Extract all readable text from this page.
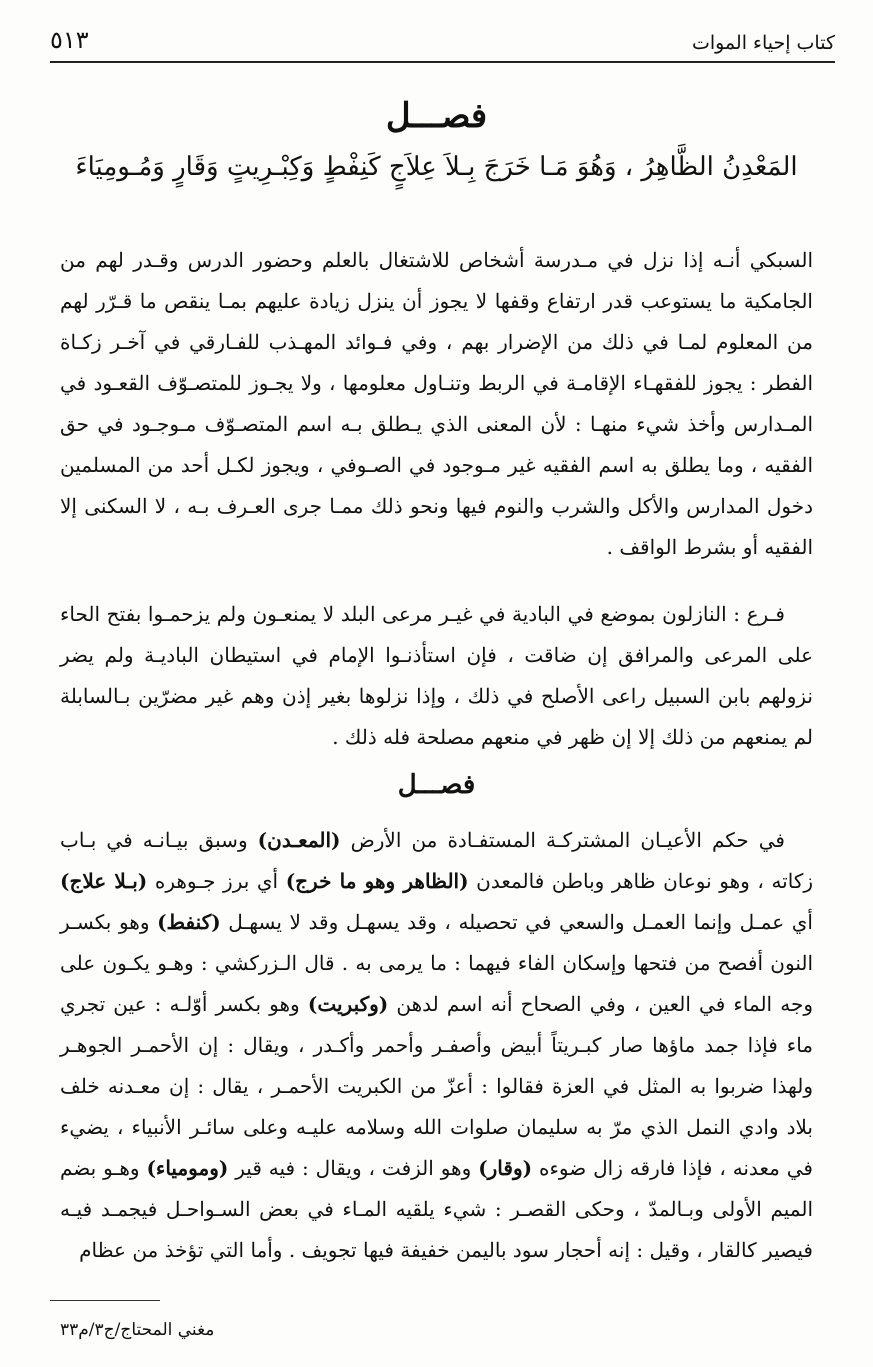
كتاب إحياء الموات
٥١٣
فصـــل
المَعْدِنُ الظَّاهِرُ ، وَهُوَ مَـا خَرَجَ بِـلاَ عِلاَجٍ كَنِفْطٍ وَكِبْـرِيتٍ وَقَارٍ وَمُـومِيَاءَ
السبكي أنـه إذا نزل في مـدرسة أشخاص للاشتغال بالعلم وحضور الدرس وقـدر لهم من الجامكية ما يستوعب قدر ارتفاع وقفها لا يجوز أن ينزل زيادة عليهم بمـا ينقص ما قـرّر لهم من المعلوم لمـا في ذلك من الإضرار بهم ، وفي فـوائد المهـذب للفـارقي في آخـر زكـاة الفطر : يجوز للفقهـاء الإقامـة في الربط وتنـاول معلومها ، ولا يجـوز للمتصـوّف القعـود في المـدارس وأخذ شيء منهـا : لأن المعنى الذي يـطلق بـه اسم المتصـوّف مـوجـود في حق الفقيه ، وما يطلق به اسم الفقيه غير مـوجود في الصـوفي ، ويجوز لكـل أحد من المسلمين دخول المدارس والأكل والشرب والنوم فيها ونحو ذلك ممـا جرى العـرف بـه ، لا السكنى إلا الفقيه أو بشرط الواقف .
فـرع : النازلون بموضع في البادية في غيـر مرعى البلد لا يمنعـون ولم يزحمـوا بفتح الحاء على المرعى والمرافق إن ضاقت ، فإن استأذنـوا الإمام في استيطان الباديـة ولم يضر نزولهم بابن السبيل راعى الأصلح في ذلك ، وإذا نزلوها بغير إذن وهم غير مضرّين بـالسابلة لم يمنعهم من ذلك إلا إن ظهر في منعهم مصلحة فله ذلك .
فصـــل
في حكم الأعيـان المشتركـة المستفـادة من الأرض (المعـدن) وسبق بيـانـه في بـاب زكاته ، وهو نوعان ظاهر وباطن فالمعدن (الظاهر وهو ما خرج) أي برز جـوهره (بـلا علاج) أي عمـل وإنما العمـل والسعي في تحصيله ، وقد يسهـل وقد لا يسهـل (كنفط) وهو بكسـر النون أفصح من فتحها وإسكان الفاء فيهما : ما يرمى به . قال الـزركشي : وهـو يكـون على وجه الماء في العين ، وفي الصحاح أنه اسم لدهن (وكبريت) وهو بكسر أوّلـه : عين تجري ماء فإذا جمد ماؤها صار كبـريتاً أبيض وأصفـر وأحمر وأكـدر ، ويقال : إن الأحمـر الجوهـر ولهذا ضربوا به المثل في العزة فقالوا : أعزّ من الكبريت الأحمـر ، يقال : إن معـدنه خلف بلاد وادي النمل الذي مرّ به سليمان صلوات الله وسلامه عليـه وعلى سائـر الأنبياء ، يضيء في معدنه ، فإذا فارقه زال ضوءه (وقار) وهو الزفت ، ويقال : فيه قير (ومومياء) وهـو بضم الميم الأولى وبـالمدّ ، وحكى القصـر : شيء يلقيه المـاء في بعض السـواحـل فيجمـد فيـه فيصير كالقار ، وقيل : إنه أحجار سود باليمن خفيفة فيها تجويف . وأما التي تؤخذ من عظام
مغني المحتاج/ج٣/م٣٣
